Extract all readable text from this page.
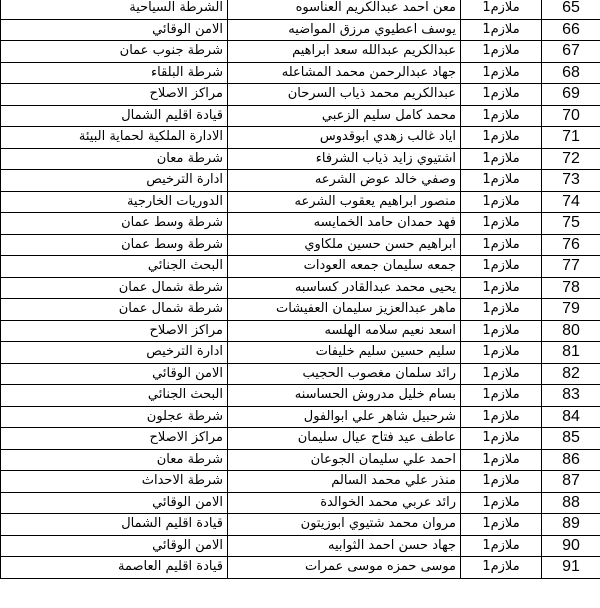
الشرطة السياحية	معن احمد عبدالكريم العناسوه	ملازم1	65
الامن الوقائي	يوسف اعطيوي مرزق المواضيه	ملازم1	66
شرطة جنوب عمان	عبدالكريم عبدالله سعد ابراهيم	ملازم1	67
شرطة البلقاء	جهاد عبدالرحمن محمد المشاعله	ملازم1	68
مراكز الاصلاح	عبدالكريم محمد ذياب السرحان	ملازم1	69
قيادة اقليم الشمال	محمد كامل سليم الزعبي	ملازم1	70
الادارة الملكية لحماية البيئة	اياد غالب زهدي ابوقدوس	ملازم1	71
شرطة معان	اشتيوي زايد ذياب الشرفاء	ملازم1	72
ادارة الترخيص	وصفي خالد عوض الشرعه	ملازم1	73
الدوريات الخارجية	منصور ابراهيم يعقوب الشرعه	ملازم1	74
شرطة وسط عمان	فهد حمدان حامد الخمايسه	ملازم1	75
شرطة وسط عمان	ابراهيم حسن حسين ملكاوي	ملازم1	76
البحث الجنائي	جمعه سليمان جمعه العودات	ملازم1	77
شرطة شمال عمان	يحيى محمد عبدالقادر كساسبه	ملازم1	78
شرطة شمال عمان	ماهر عبدالعزيز سليمان العفيشات	ملازم1	79
مراكز الاصلاح	اسعد نعيم سلامه الهلسه	ملازم1	80
ادارة الترخيص	سليم حسين سليم خليفات	ملازم1	81
الامن الوقائي	رائد سلمان مغصوب الحجيب	ملازم1	82
البحث الجنائي	بسام خليل مدروش الحساسنه	ملازم1	83
شرطة عجلون	شرحبيل شاهر علي ابوالفول	ملازم1	84
مراكز الاصلاح	عاطف عيد فتاح عيال سليمان	ملازم1	85
شرطة معان	احمد علي سليمان الجوعان	ملازم1	86
شرطة الاحداث	منذر علي محمد السالم	ملازم1	87
الامن الوقائي	رائد عربي محمد الخوالدة	ملازم1	88
قيادة اقليم الشمال	مروان محمد شتيوي ابوزيتون	ملازم1	89
الامن الوقائي	جهاد حسن احمد الثوابيه	ملازم1	90
قيادة اقليم العاصمة	موسى حمزه موسى عمرات	ملازم1	91
